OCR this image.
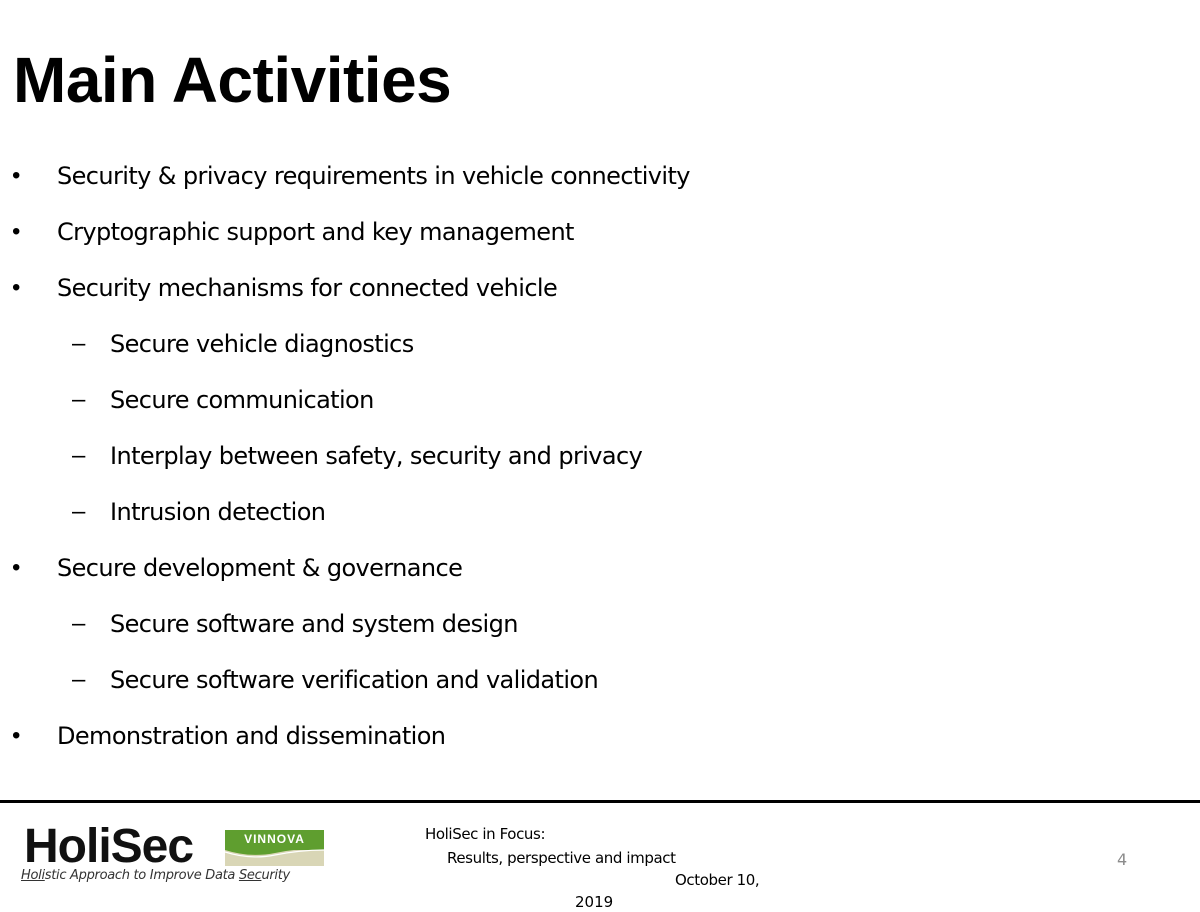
Main Activities
• Security & privacy requirements in vehicle connectivity
• Cryptographic support and key management
• Security mechanisms for connected vehicle
– Secure vehicle diagnostics
– Secure communication
– Interplay between safety, security and privacy
– Intrusion detection
• Secure development & governance
– Secure software and system design
– Secure software verification and validation
• Demonstration and dissemination
HoliSec	VINNOVA
Holistic Approach to Improve Data Security
HoliSec in Focus:
Results, perspective and impact
October 10,
2019
4
